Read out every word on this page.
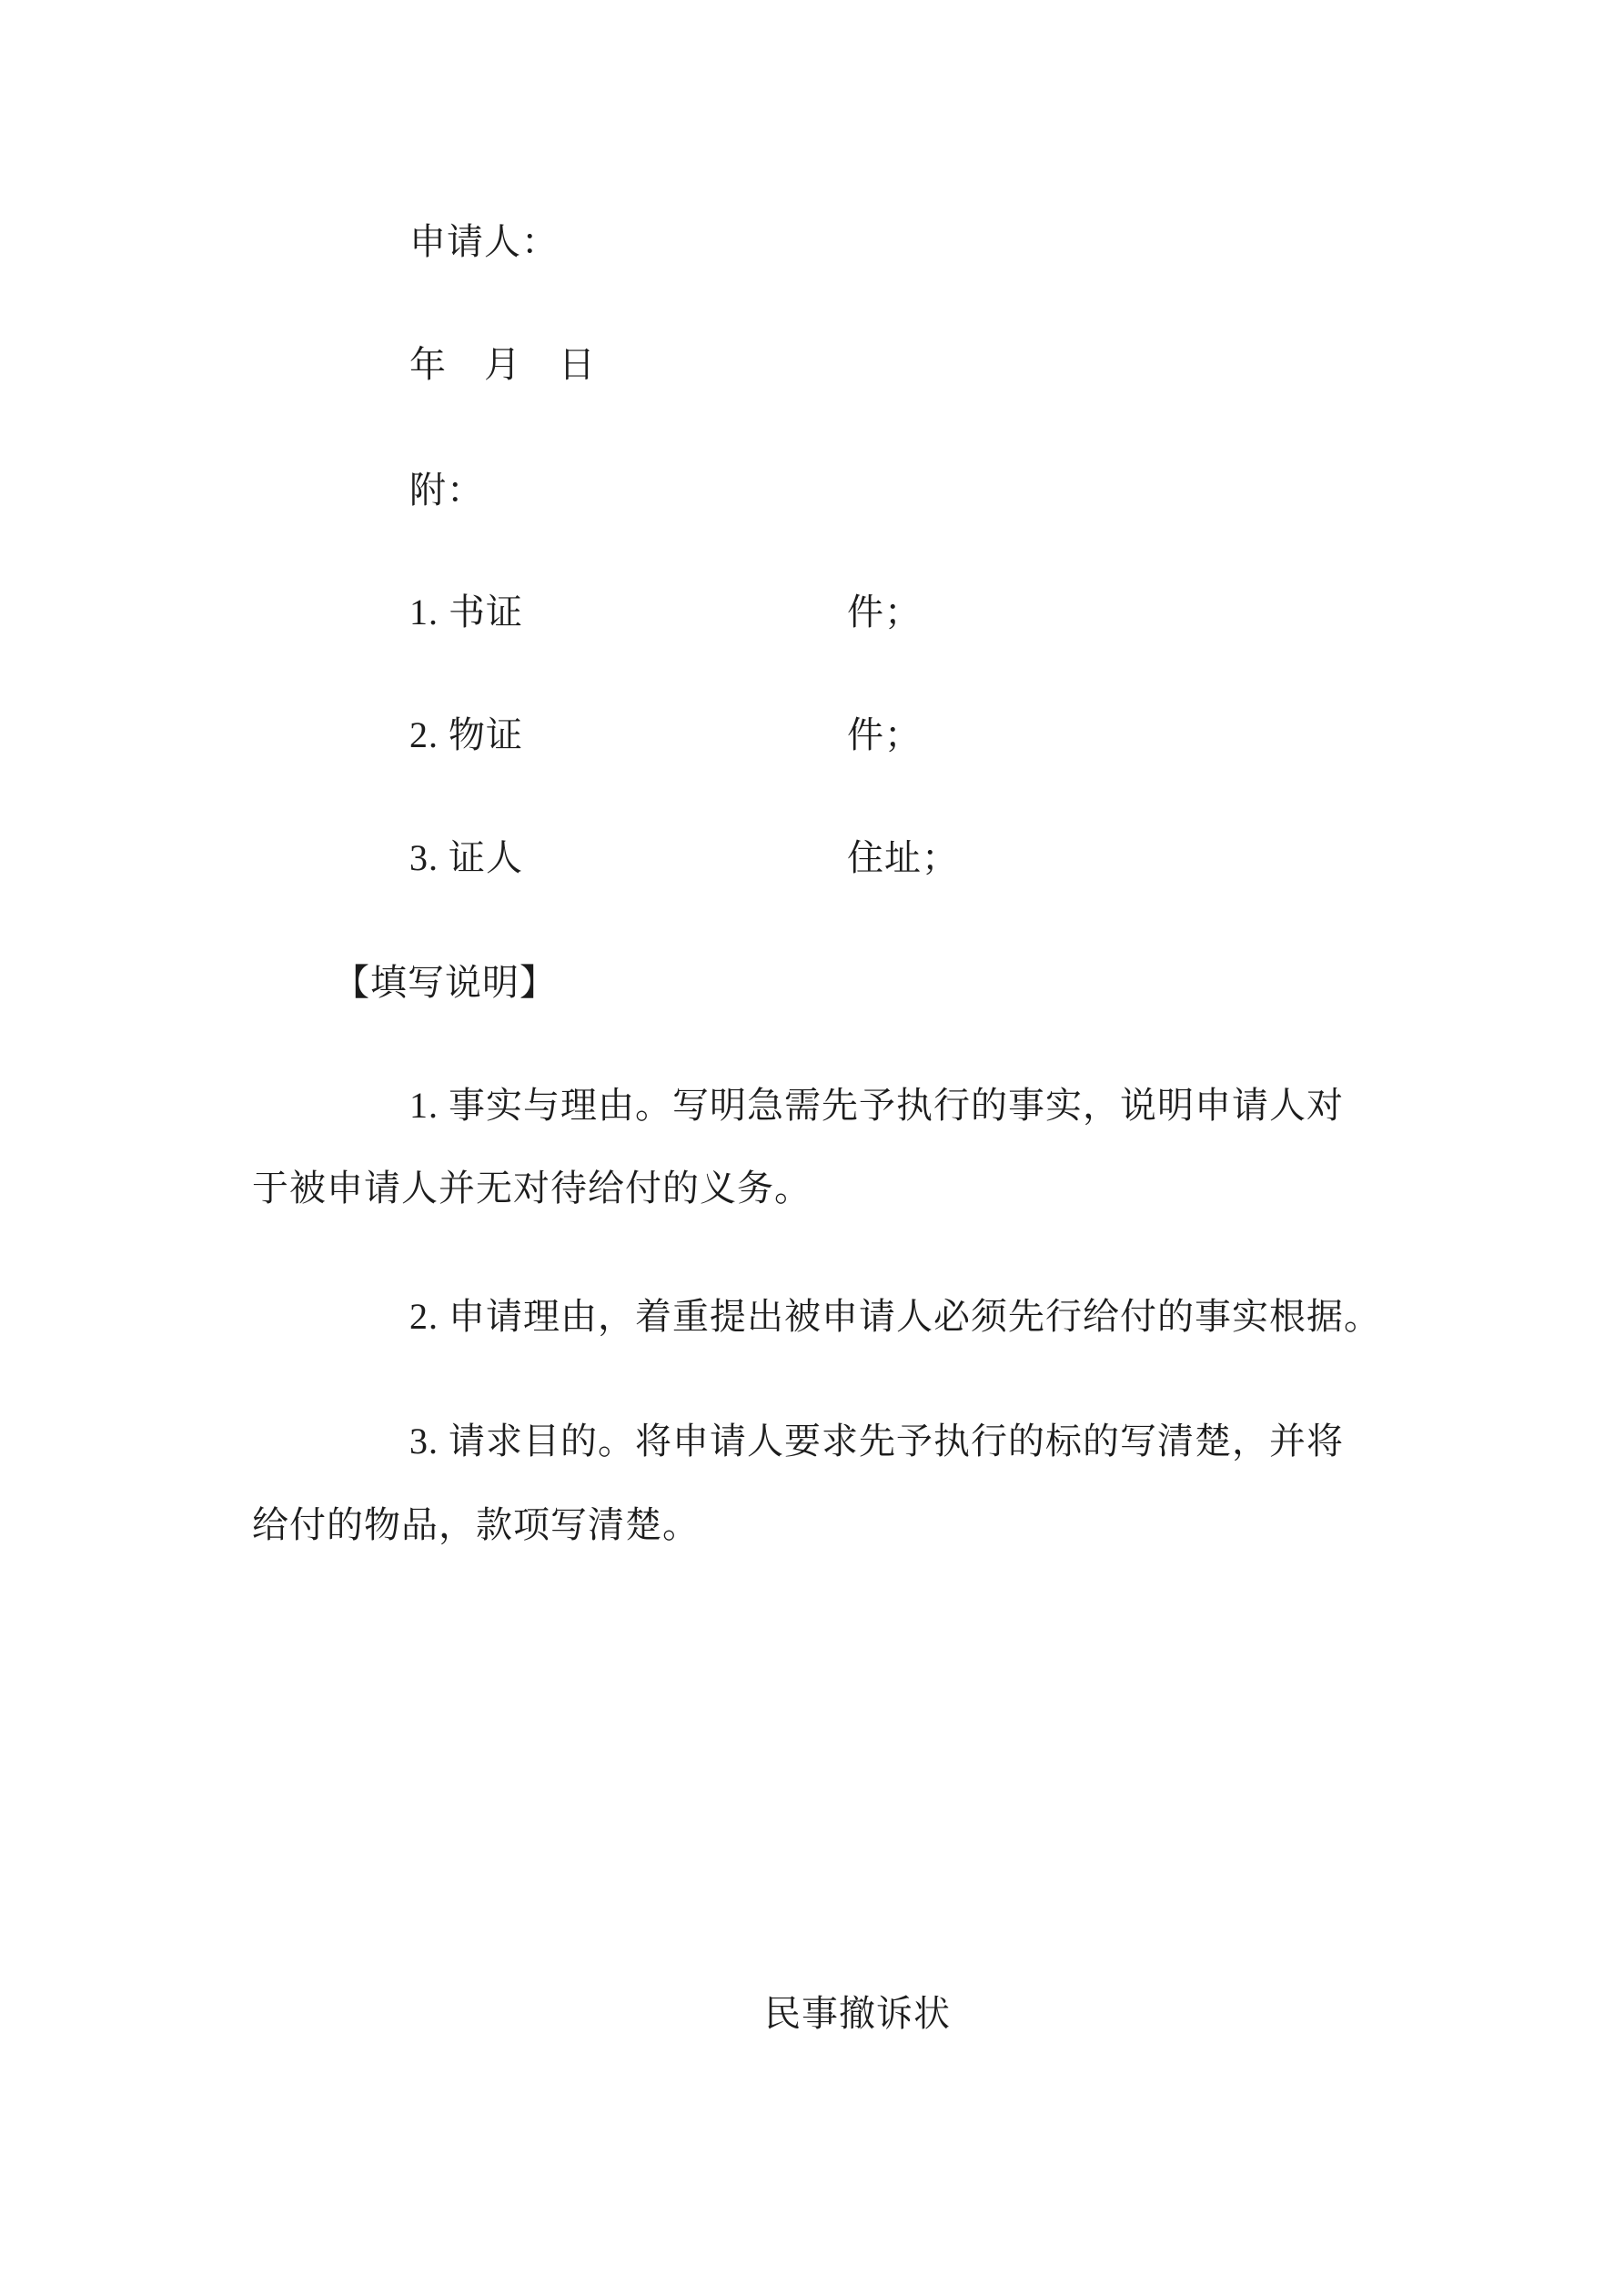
申请人：
年　月　日
附：
1. 书证	件；
2. 物证	件；
3. 证人	住址；
【填写说明】
1. 事实与理由。写明急需先予执行的事实，说明申请人对
于被申请人并无对待给付的义务。
2. 申请理由，着重提出被申请人必须先行给付的事实根据。
3. 请求目的。将申请人要求先予执行的标的写清楚，并将
给付的物品，款项写清楚。
民事撤诉状
